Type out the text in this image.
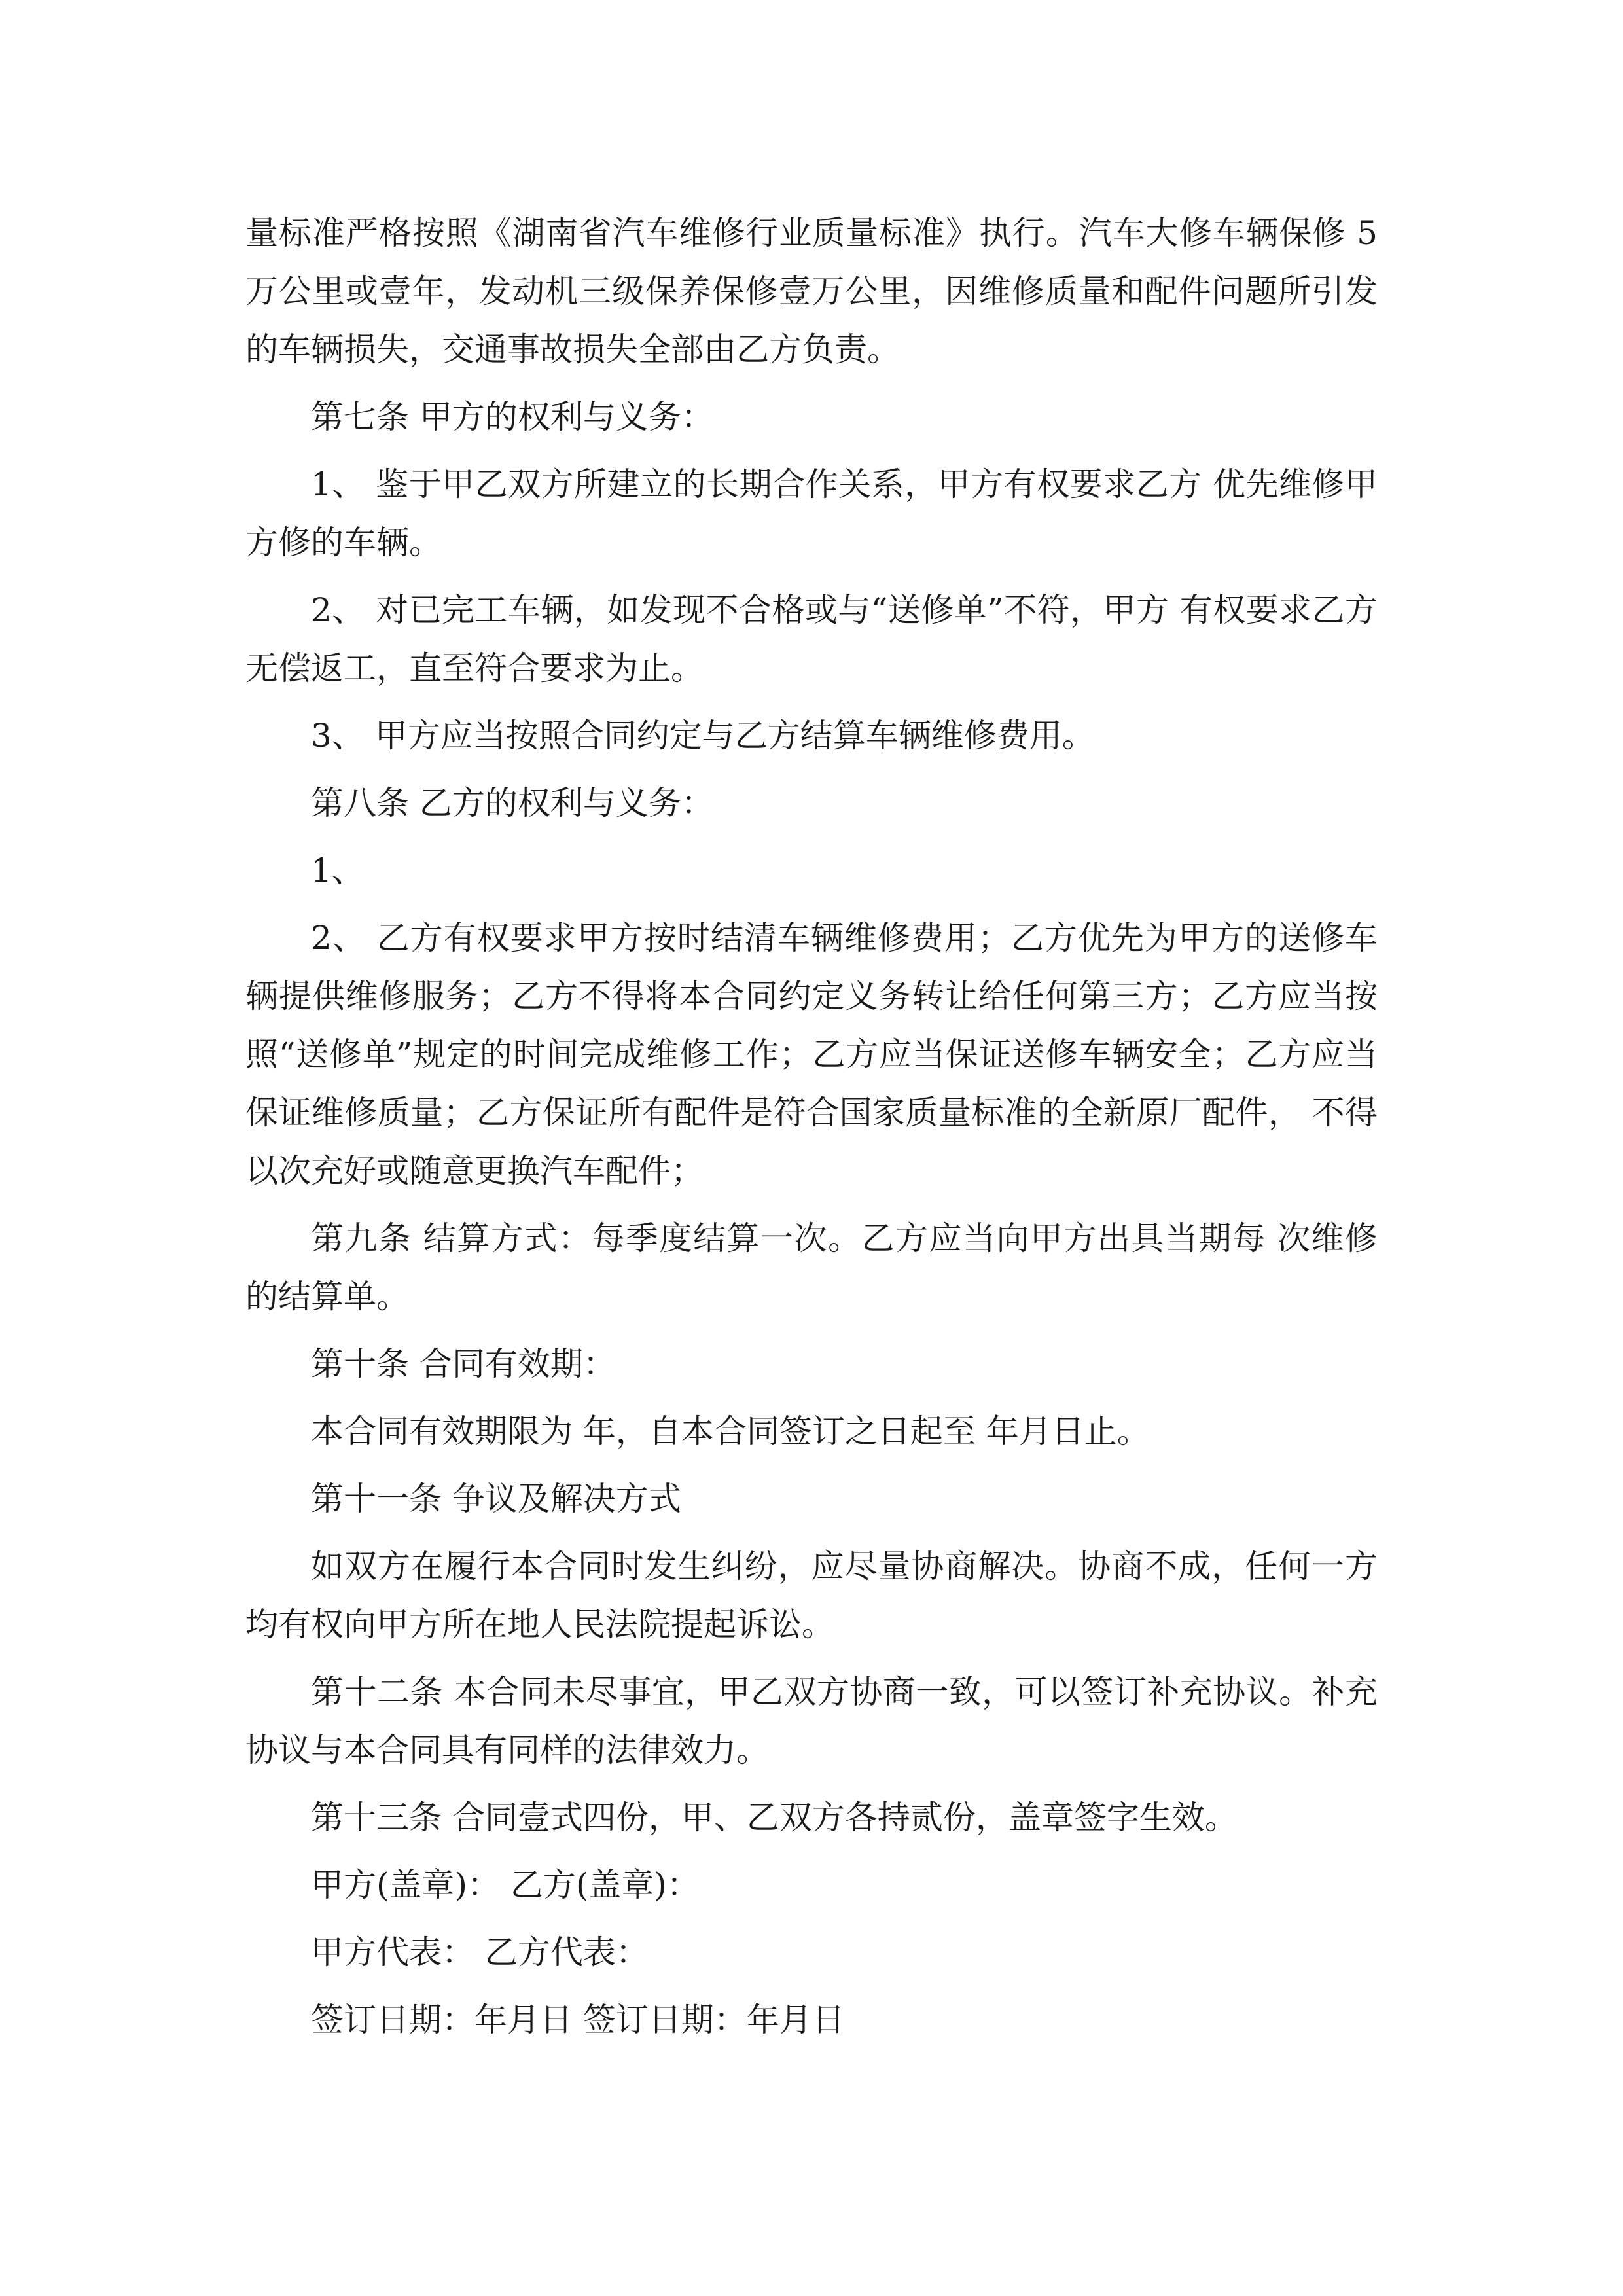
量标准严格按照《湖南省汽车维修行业质量标准》执行。汽车大修车辆保修 5 万公里或壹年，发动机三级保养保修壹万公里，因维修质量和配件问题所引发的车辆损失，交通事故损失全部由乙方负责。

第七条 甲方的权利与义务：

1、 鉴于甲乙双方所建立的长期合作关系，甲方有权要求乙方 优先维修甲方修的车辆。

2、 对已完工车辆，如发现不合格或与“送修单”不符，甲方 有权要求乙方无偿返工，直至符合要求为止。

3、 甲方应当按照合同约定与乙方结算车辆维修费用。

第八条 乙方的权利与义务：

1、

2、 乙方有权要求甲方按时结清车辆维修费用；乙方优先为甲方的送修车辆提供维修服务；乙方不得将本合同约定义务转让给任何第三方；乙方应当按照“送修单”规定的时间完成维修工作；乙方应当保证送修车辆安全；乙方应当保证维修质量；乙方保证所有配件是符合国家质量标准的全新原厂配件， 不得以次充好或随意更换汽车配件；

第九条 结算方式：每季度结算一次。乙方应当向甲方出具当期每 次维修的结算单。

第十条 合同有效期：

本合同有效期限为 年，自本合同签订之日起至 年月日止。

第十一条 争议及解决方式

如双方在履行本合同时发生纠纷，应尽量协商解决。协商不成，任何一方均有权向甲方所在地人民法院提起诉讼。

第十二条 本合同未尽事宜，甲乙双方协商一致，可以签订补充协议。补充协议与本合同具有同样的法律效力。

第十三条 合同壹式四份，甲、乙双方各持贰份，盖章签字生效。

甲方(盖章)： 乙方(盖章)：

甲方代表： 乙方代表：

签订日期：年月日 签订日期：年月日
